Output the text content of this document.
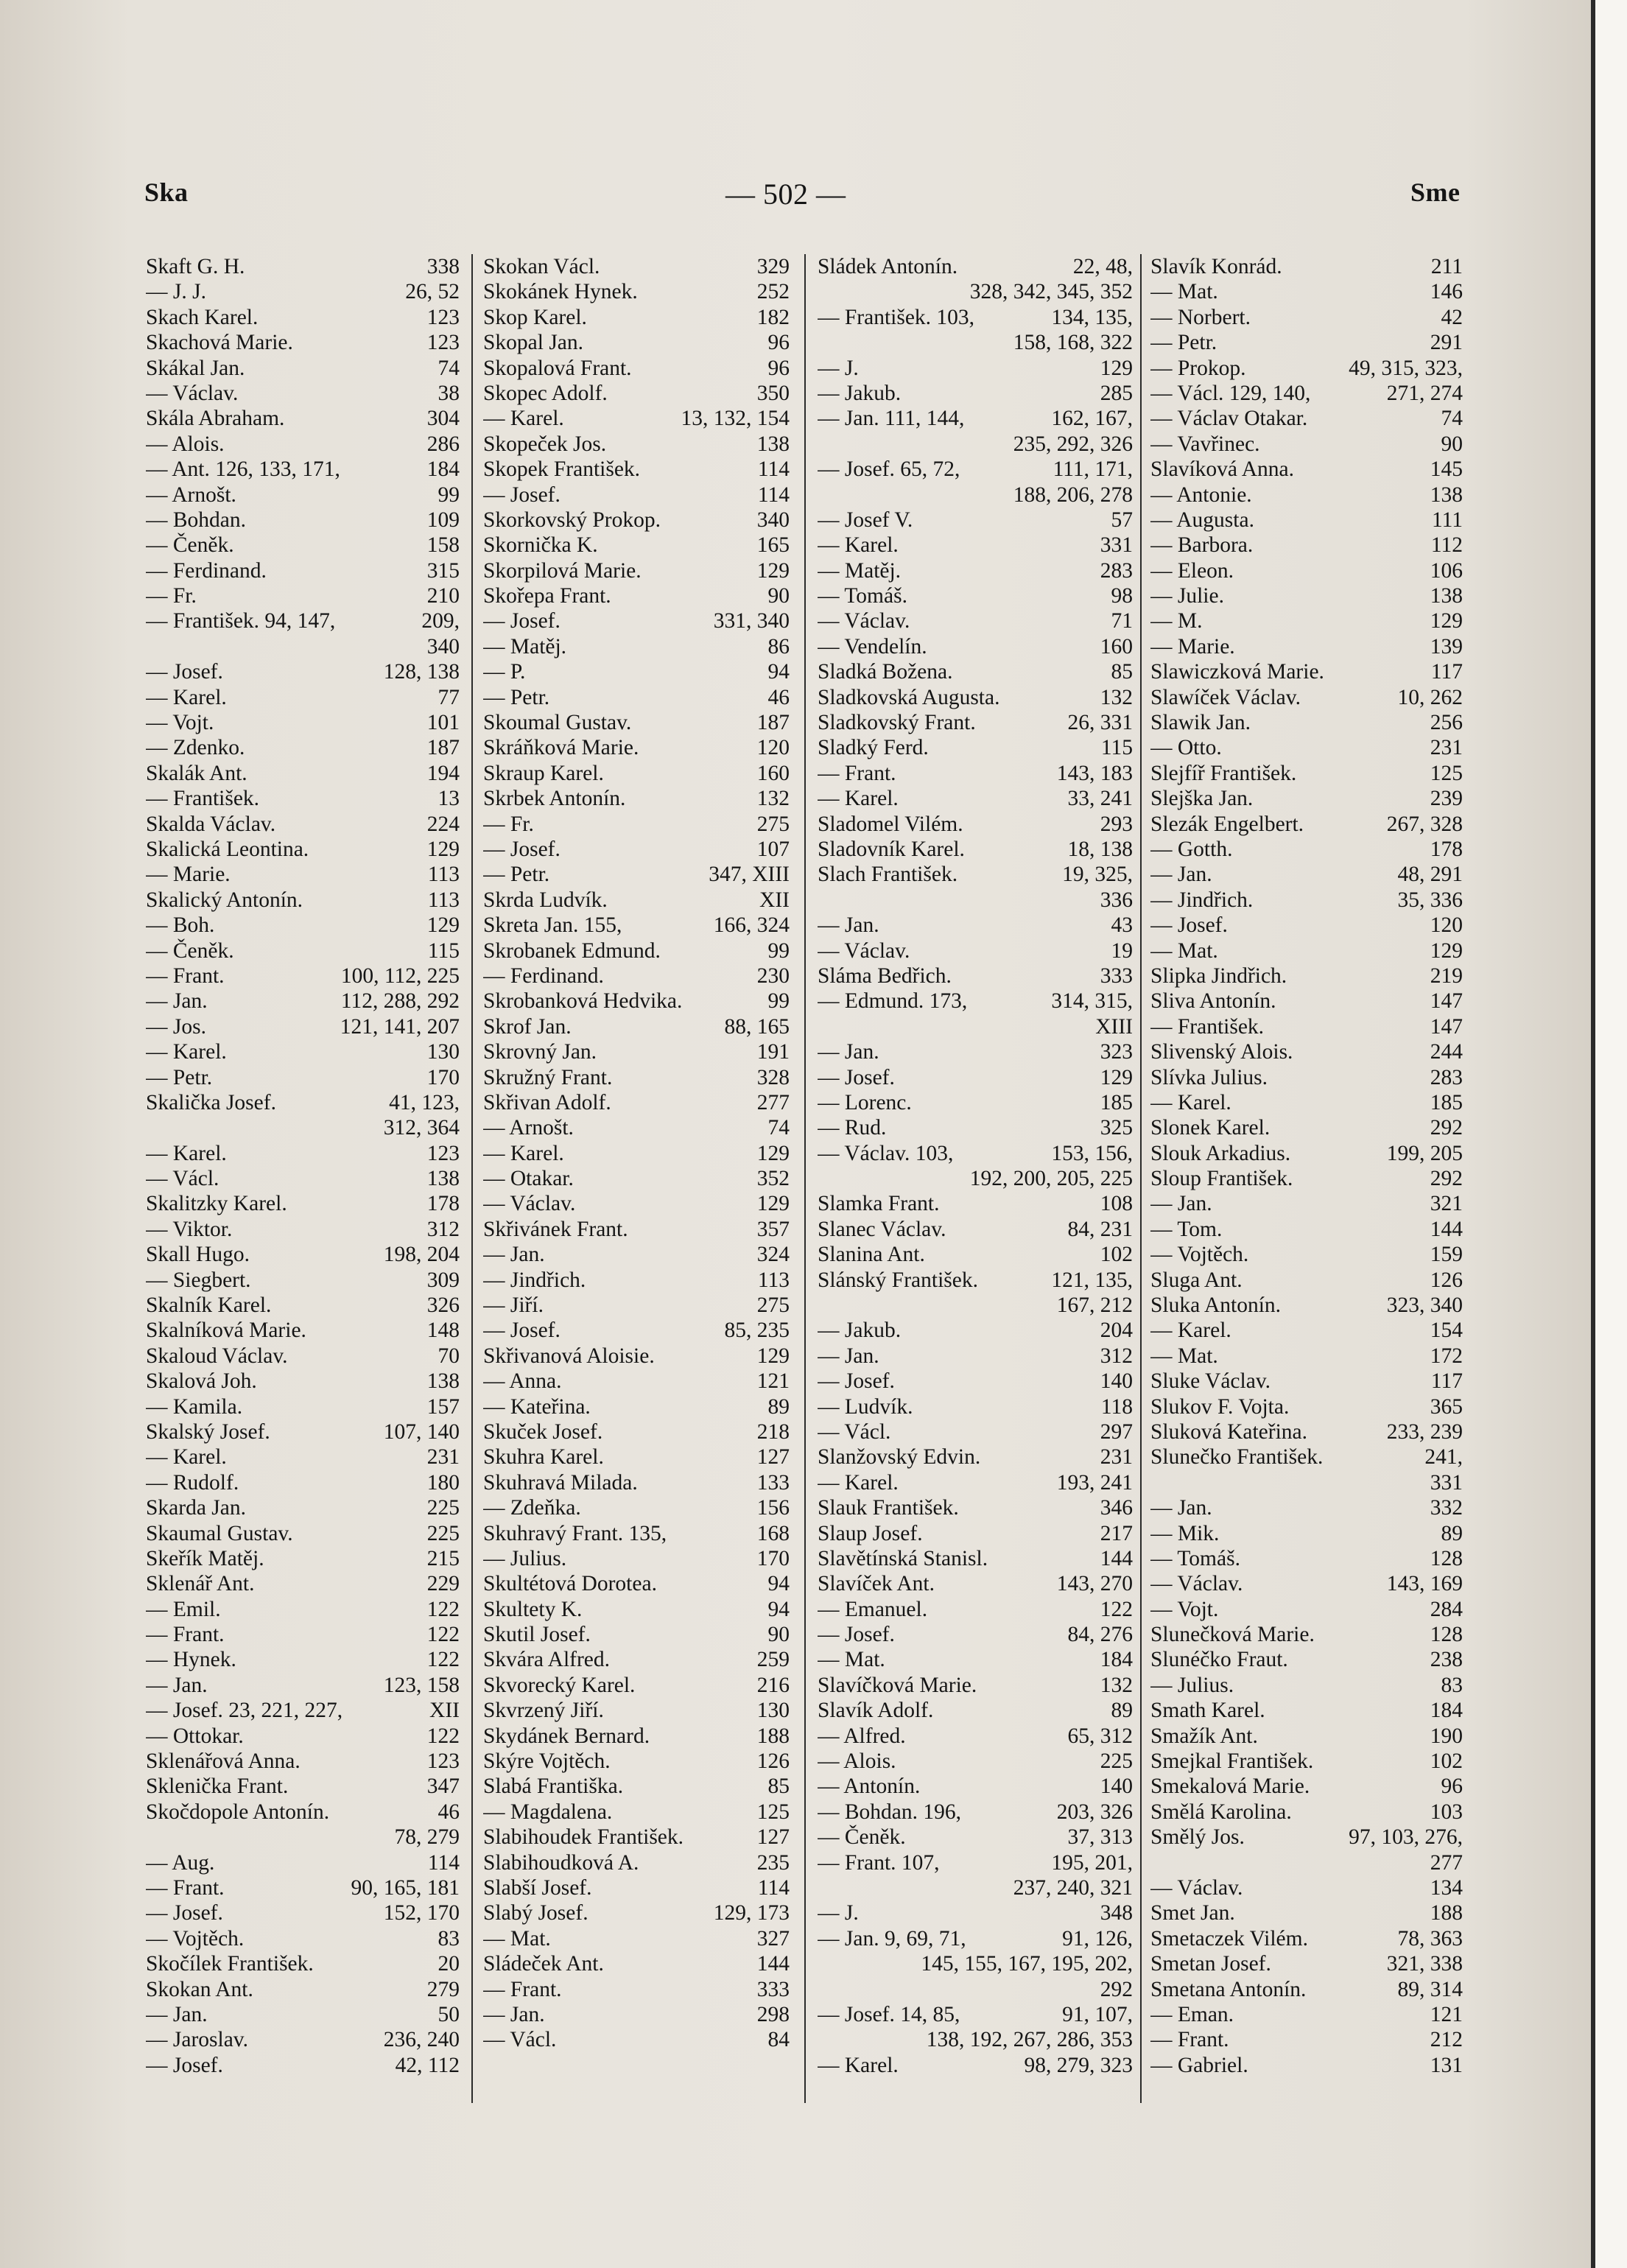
Ska	— 502 —	Sme
Skaft G. H.	338
— J. J.	26, 52
Skach Karel.	123
Skachová Marie.	123
Skákal Jan.	74
— Václav.	38
Skála Abraham.	304
— Alois.	286
— Ant. 126, 133, 171,	184
— Arnošt.	99
— Bohdan.	109
— Čeněk.	158
— Ferdinand.	315
— Fr.	210
— František. 94, 147,	209,
340
— Josef.	128, 138
— Karel.	77
— Vojt.	101
— Zdenko.	187
Skalák Ant.	194
— František.	13
Skalda Václav.	224
Skalická Leontina.	129
— Marie.	113
Skalický Antonín.	113
— Boh.	129
— Čeněk.	115
— Frant.	100, 112, 225
— Jan.	112, 288, 292
— Jos.	121, 141, 207
— Karel.	130
— Petr.	170
Skalička Josef.	41, 123,
312, 364
— Karel.	123
— Václ.	138
Skalitzky Karel.	178
— Viktor.	312
Skall Hugo.	198, 204
— Siegbert.	309
Skalník Karel.	326
Skalníková Marie.	148
Skaloud Václav.	70
Skalová Joh.	138
— Kamila.	157
Skalský Josef.	107, 140
— Karel.	231
— Rudolf.	180
Skarda Jan.	225
Skaumal Gustav.	225
Skeřík Matěj.	215
Sklenář Ant.	229
— Emil.	122
— Frant.	122
— Hynek.	122
— Jan.	123, 158
— Josef. 23, 221, 227,	XII
— Ottokar.	122
Sklenářová Anna.	123
Sklenička Frant.	347
Skočdopole Antonín.	46
78, 279
— Aug.	114
— Frant.	90, 165, 181
— Josef.	152, 170
— Vojtěch.	83
Skočílek František.	20
Skokan Ant.	279
— Jan.	50
— Jaroslav.	236, 240
— Josef.	42, 112
Skokan Václ.	329
Skokánek Hynek.	252
Skop Karel.	182
Skopal Jan.	96
Skopalová Frant.	96
Skopec Adolf.	350
— Karel.	13, 132, 154
Skopeček Jos.	138
Skopek František.	114
— Josef.	114
Skorkovský Prokop.	340
Skornička K.	165
Skorpilová Marie.	129
Skořepa Frant.	90
— Josef.	331, 340
— Matěj.	86
— P.	94
— Petr.	46
Skoumal Gustav.	187
Skráňková Marie.	120
Skraup Karel.	160
Skrbek Antonín.	132
— Fr.	275
— Josef.	107
— Petr.	347, XIII
Skrda Ludvík.	XII
Skreta Jan. 155,	166, 324
Skrobanek Edmund.	99
— Ferdinand.	230
Skrobanková Hedvika.	99
Skrof Jan.	88, 165
Skrovný Jan.	191
Skružný Frant.	328
Skřivan Adolf.	277
— Arnošt.	74
— Karel.	129
— Otakar.	352
— Václav.	129
Skřivánek Frant.	357
— Jan.	324
— Jindřich.	113
— Jiří.	275
— Josef.	85, 235
Skřivanová Aloisie.	129
— Anna.	121
— Kateřina.	89
Skuček Josef.	218
Skuhra Karel.	127
Skuhravá Milada.	133
— Zdeňka.	156
Skuhravý Frant. 135,	168
— Julius.	170
Skultétová Dorotea.	94
Skultety K.	94
Skutil Josef.	90
Skvára Alfred.	259
Skvorecký Karel.	216
Skvrzený Jiří.	130
Skydánek Bernard.	188
Skýre Vojtěch.	126
Slabá Františka.	85
— Magdalena.	125
Slabihoudek František.	127
Slabihoudková A.	235
Slabší Josef.	114
Slabý Josef.	129, 173
— Mat.	327
Sládeček Ant.	144
— Frant.	333
— Jan.	298
— Václ.	84
Sládek Antonín.	22, 48,
328, 342, 345, 352
— František. 103,	134, 135,
158, 168, 322
— J.	129
— Jakub.	285
— Jan. 111, 144,	162, 167,
235, 292, 326
— Josef. 65, 72,	111, 171,
188, 206, 278
— Josef V.	57
— Karel.	331
— Matěj.	283
— Tomáš.	98
— Václav.	71
— Vendelín.	160
Sladká Božena.	85
Sladkovská Augusta.	132
Sladkovský Frant.	26, 331
Sladký Ferd.	115
— Frant.	143, 183
— Karel.	33, 241
Sladomel Vilém.	293
Sladovník Karel.	18, 138
Slach František.	19, 325,
336
— Jan.	43
— Václav.	19
Sláma Bedřich.	333
— Edmund. 173,	314, 315,
XIII
— Jan.	323
— Josef.	129
— Lorenc.	185
— Rud.	325
— Václav. 103,	153, 156,
192, 200, 205, 225
Slamka Frant.	108
Slanec Václav.	84, 231
Slanina Ant.	102
Slánský František.	121, 135,
167, 212
— Jakub.	204
— Jan.	312
— Josef.	140
— Ludvík.	118
— Václ.	297
Slanžovský Edvin.	231
— Karel.	193, 241
Slauk František.	346
Slaup Josef.	217
Slavětínská Stanisl.	144
Slavíček Ant.	143, 270
— Emanuel.	122
— Josef.	84, 276
— Mat.	184
Slavíčková Marie.	132
Slavík Adolf.	89
— Alfred.	65, 312
— Alois.	225
— Antonín.	140
— Bohdan. 196,	203, 326
— Čeněk.	37, 313
— Frant. 107,	195, 201,
237, 240, 321
— J.	348
— Jan. 9, 69, 71,	91, 126,
145, 155, 167, 195, 202,
292
— Josef. 14, 85,	91, 107,
138, 192, 267, 286, 353
— Karel.	98, 279, 323
Slavík Konrád.	211
— Mat.	146
— Norbert.	42
— Petr.	291
— Prokop.	49, 315, 323,
— Václ. 129, 140,	271, 274
— Václav Otakar.	74
— Vavřinec.	90
Slavíková Anna.	145
— Antonie.	138
— Augusta.	111
— Barbora.	112
— Eleon.	106
— Julie.	138
— M.	129
— Marie.	139
Slawiczková Marie.	117
Slawíček Václav.	10, 262
Slawik Jan.	256
— Otto.	231
Slejfíř František.	125
Slejška Jan.	239
Slezák Engelbert.	267, 328
— Gotth.	178
— Jan.	48, 291
— Jindřich.	35, 336
— Josef.	120
— Mat.	129
Slipka Jindřich.	219
Sliva Antonín.	147
— František.	147
Slivenský Alois.	244
Slívka Julius.	283
— Karel.	185
Slonek Karel.	292
Slouk Arkadius.	199, 205
Sloup František.	292
— Jan.	321
— Tom.	144
— Vojtěch.	159
Sluga Ant.	126
Sluka Antonín.	323, 340
— Karel.	154
— Mat.	172
Sluke Václav.	117
Slukov F. Vojta.	365
Sluková Kateřina.	233, 239
Slunečko František.	241,
331
— Jan.	332
— Mik.	89
— Tomáš.	128
— Václav.	143, 169
— Vojt.	284
Slunečková Marie.	128
Slunéčko Fraut.	238
— Julius.	83
Smath Karel.	184
Smažík Ant.	190
Smejkal František.	102
Smekalová Marie.	96
Smělá Karolina.	103
Smělý Jos.	97, 103, 276,
277
— Václav.	134
Smet Jan.	188
Smetaczek Vilém.	78, 363
Smetan Josef.	321, 338
Smetana Antonín.	89, 314
— Eman.	121
— Frant.	212
— Gabriel.	131
